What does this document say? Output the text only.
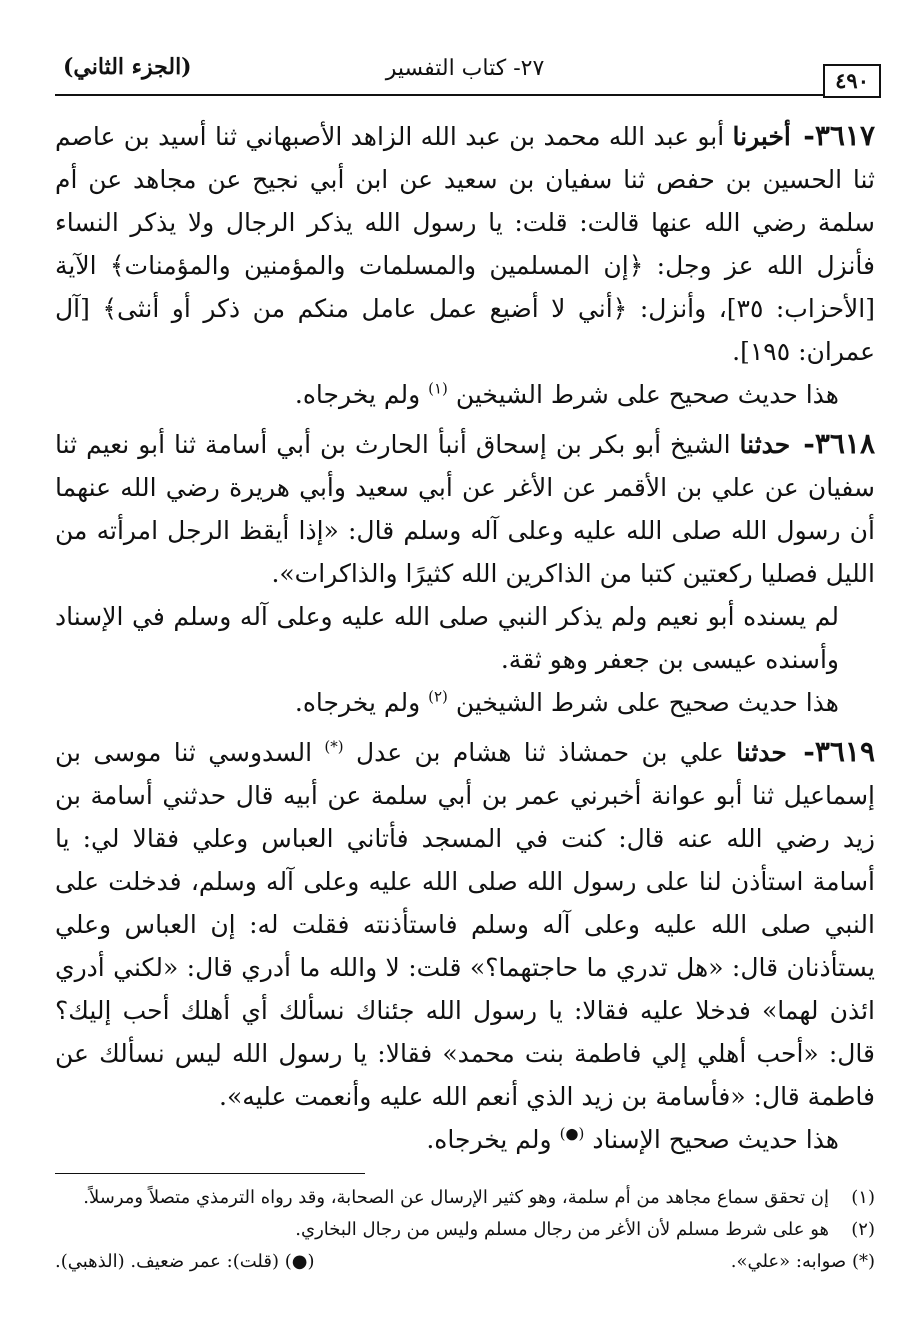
٤٩٠
٢٧- كتاب التفسير
(الجزء الثاني)

٣٦١٧- أخبرنا أبو عبد الله محمد بن عبد الله الزاهد الأصبهاني ثنا أسيد بن عاصم ثنا الحسين بن حفص ثنا سفيان بن سعيد عن ابن أبي نجيح عن مجاهد عن أم سلمة رضي الله عنها قالت: قلت: يا رسول الله يذكر الرجال ولا يذكر النساء فأنزل الله عز وجل: ﴿إن المسلمين والمسلمات والمؤمنين والمؤمنات﴾ الآية [الأحزاب: ٣٥]، وأنزل: ﴿أني لا أضيع عمل عامل منكم من ذكر أو أنثى﴾ [آل عمران: ١٩٥].

هذا حديث صحيح على شرط الشيخين $^{(١)}$ ولم يخرجاه.

٣٦١٨- حدثنا الشيخ أبو بكر بن إسحاق أنبأ الحارث بن أبي أسامة ثنا أبو نعيم ثنا سفيان عن علي بن الأقمر عن الأغر عن أبي سعيد وأبي هريرة رضي الله عنهما أن رسول الله صلى الله عليه وعلى آله وسلم قال: «إذا أيقظ الرجل امرأته من الليل فصليا ركعتين كتبا من الذاكرين الله كثيرًا والذاكرات».

لم يسنده أبو نعيم ولم يذكر النبي صلى الله عليه وعلى آله وسلم في الإسناد وأسنده عيسى بن جعفر وهو ثقة.

هذا حديث صحيح على شرط الشيخين $^{(٢)}$ ولم يخرجاه.

٣٦١٩- حدثنا علي بن حمشاذ ثنا هشام بن عدل (*) السدوسي ثنا موسى بن إسماعيل ثنا أبو عوانة أخبرني عمر بن أبي سلمة عن أبيه قال حدثني أسامة بن زيد رضي الله عنه قال: كنت في المسجد فأتاني العباس وعلي فقالا لي: يا أسامة استأذن لنا على رسول الله صلى الله عليه وعلى آله وسلم، فدخلت على النبي صلى الله عليه وعلى آله وسلم فاستأذنته فقلت له: إن العباس وعلي يستأذنان قال: «هل تدري ما حاجتهما؟» قلت: لا والله ما أدري قال: «لكني أدري ائذن لهما» فدخلا عليه فقالا: يا رسول الله جئناك نسألك أي أهلك أحب إليك؟ قال: «أحب أهلي إلي فاطمة بنت محمد» فقالا: يا رسول الله ليس نسألك عن فاطمة قال: «فأسامة بن زيد الذي أنعم الله عليه وأنعمت عليه».

هذا حديث صحيح الإسناد (●) ولم يخرجاه.

(١)
إن تحقق سماع مجاهد من أم سلمة، وهو كثير الإرسال عن الصحابة، وقد رواه الترمذي متصلاً ومرسلاً.
(٢)
هو على شرط مسلم لأن الأغر من رجال مسلم وليس من رجال البخاري.
(*) صوابه: «علي».
(●) (قلت): عمر ضعيف. (الذهبي).
